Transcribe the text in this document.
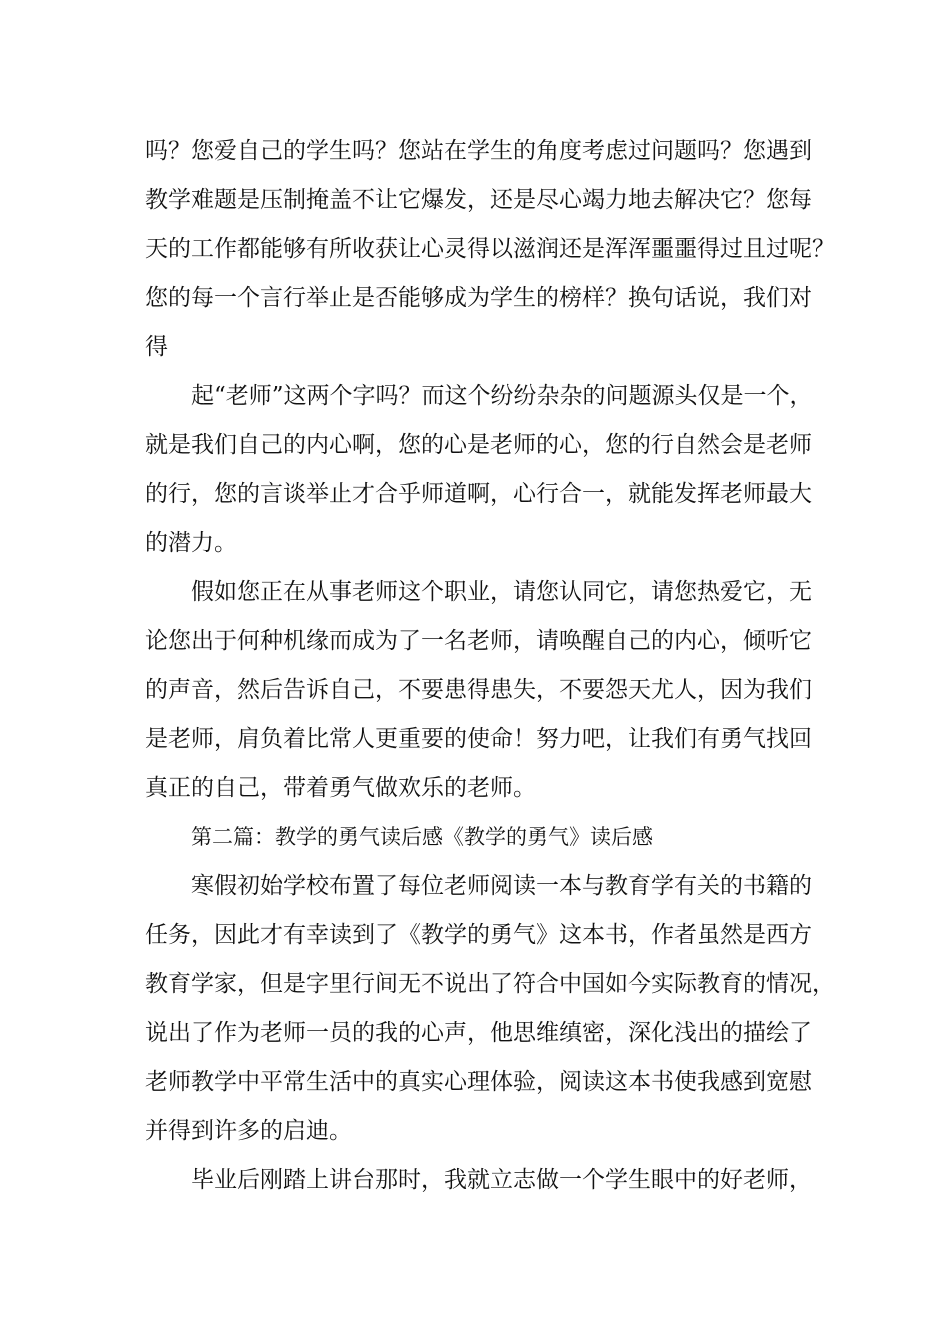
吗？您爱自己的学生吗？您站在学生的角度考虑过问题吗？您遇到

教学难题是压制掩盖不让它爆发，还是尽心竭力地去解决它？您每

天的工作都能够有所收获让心灵得以滋润还是浑浑噩噩得过且过呢？

您的每一个言行举止是否能够成为学生的榜样？换句话说，我们对

得

起“老师”这两个字吗？而这个纷纷杂杂的问题源头仅是一个，

就是我们自己的内心啊，您的心是老师的心，您的行自然会是老师

的行，您的言谈举止才合乎师道啊，心行合一，就能发挥老师最大

的潜力。

假如您正在从事老师这个职业，请您认同它，请您热爱它，无

论您出于何种机缘而成为了一名老师，请唤醒自己的内心，倾听它

的声音，然后告诉自己，不要患得患失，不要怨天尤人，因为我们

是老师，肩负着比常人更重要的使命！努力吧，让我们有勇气找回

真正的自己，带着勇气做欢乐的老师。

第二篇：教学的勇气读后感《教学的勇气》读后感

寒假初始学校布置了每位老师阅读一本与教育学有关的书籍的

任务，因此才有幸读到了《教学的勇气》这本书，作者虽然是西方

教育学家，但是字里行间无不说出了符合中国如今实际教育的情况，

说出了作为老师一员的我的心声，他思维缜密，深化浅出的描绘了

老师教学中平常生活中的真实心理体验，阅读这本书使我感到宽慰

并得到许多的启迪。

毕业后刚踏上讲台那时，我就立志做一个学生眼中的好老师，
